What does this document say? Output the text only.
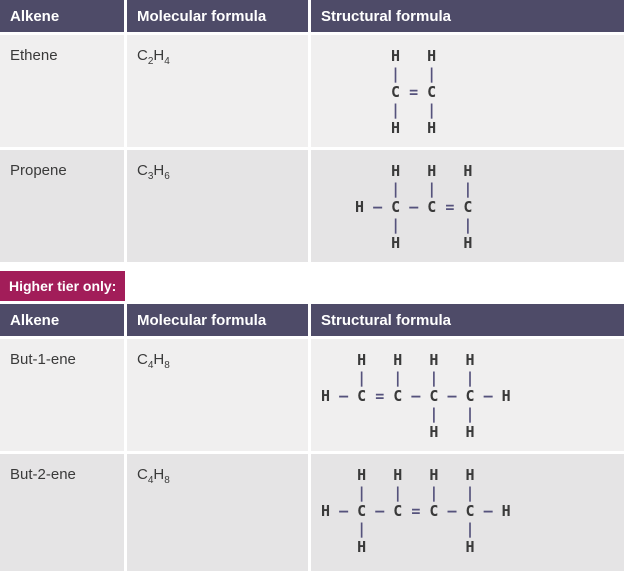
Alkene	Molecular formula	Structural formula
Ethene	$C_2H_4$	H H
| |
C = C
| |
H H
Propene	$C_3H_6$	H H H
| | |
H — C — C = C
|	|
H	H
Higher tier only:
Alkene	Molecular formula	Structural formula
But-1-ene	$C_4H_8$	H H H H
| | | |
H — C = C — C — C — H
| |
H H
But-2-ene	$C_4H_8$	H H H H
| | | |
H — C — C = C — C — H
|	|
H	H
